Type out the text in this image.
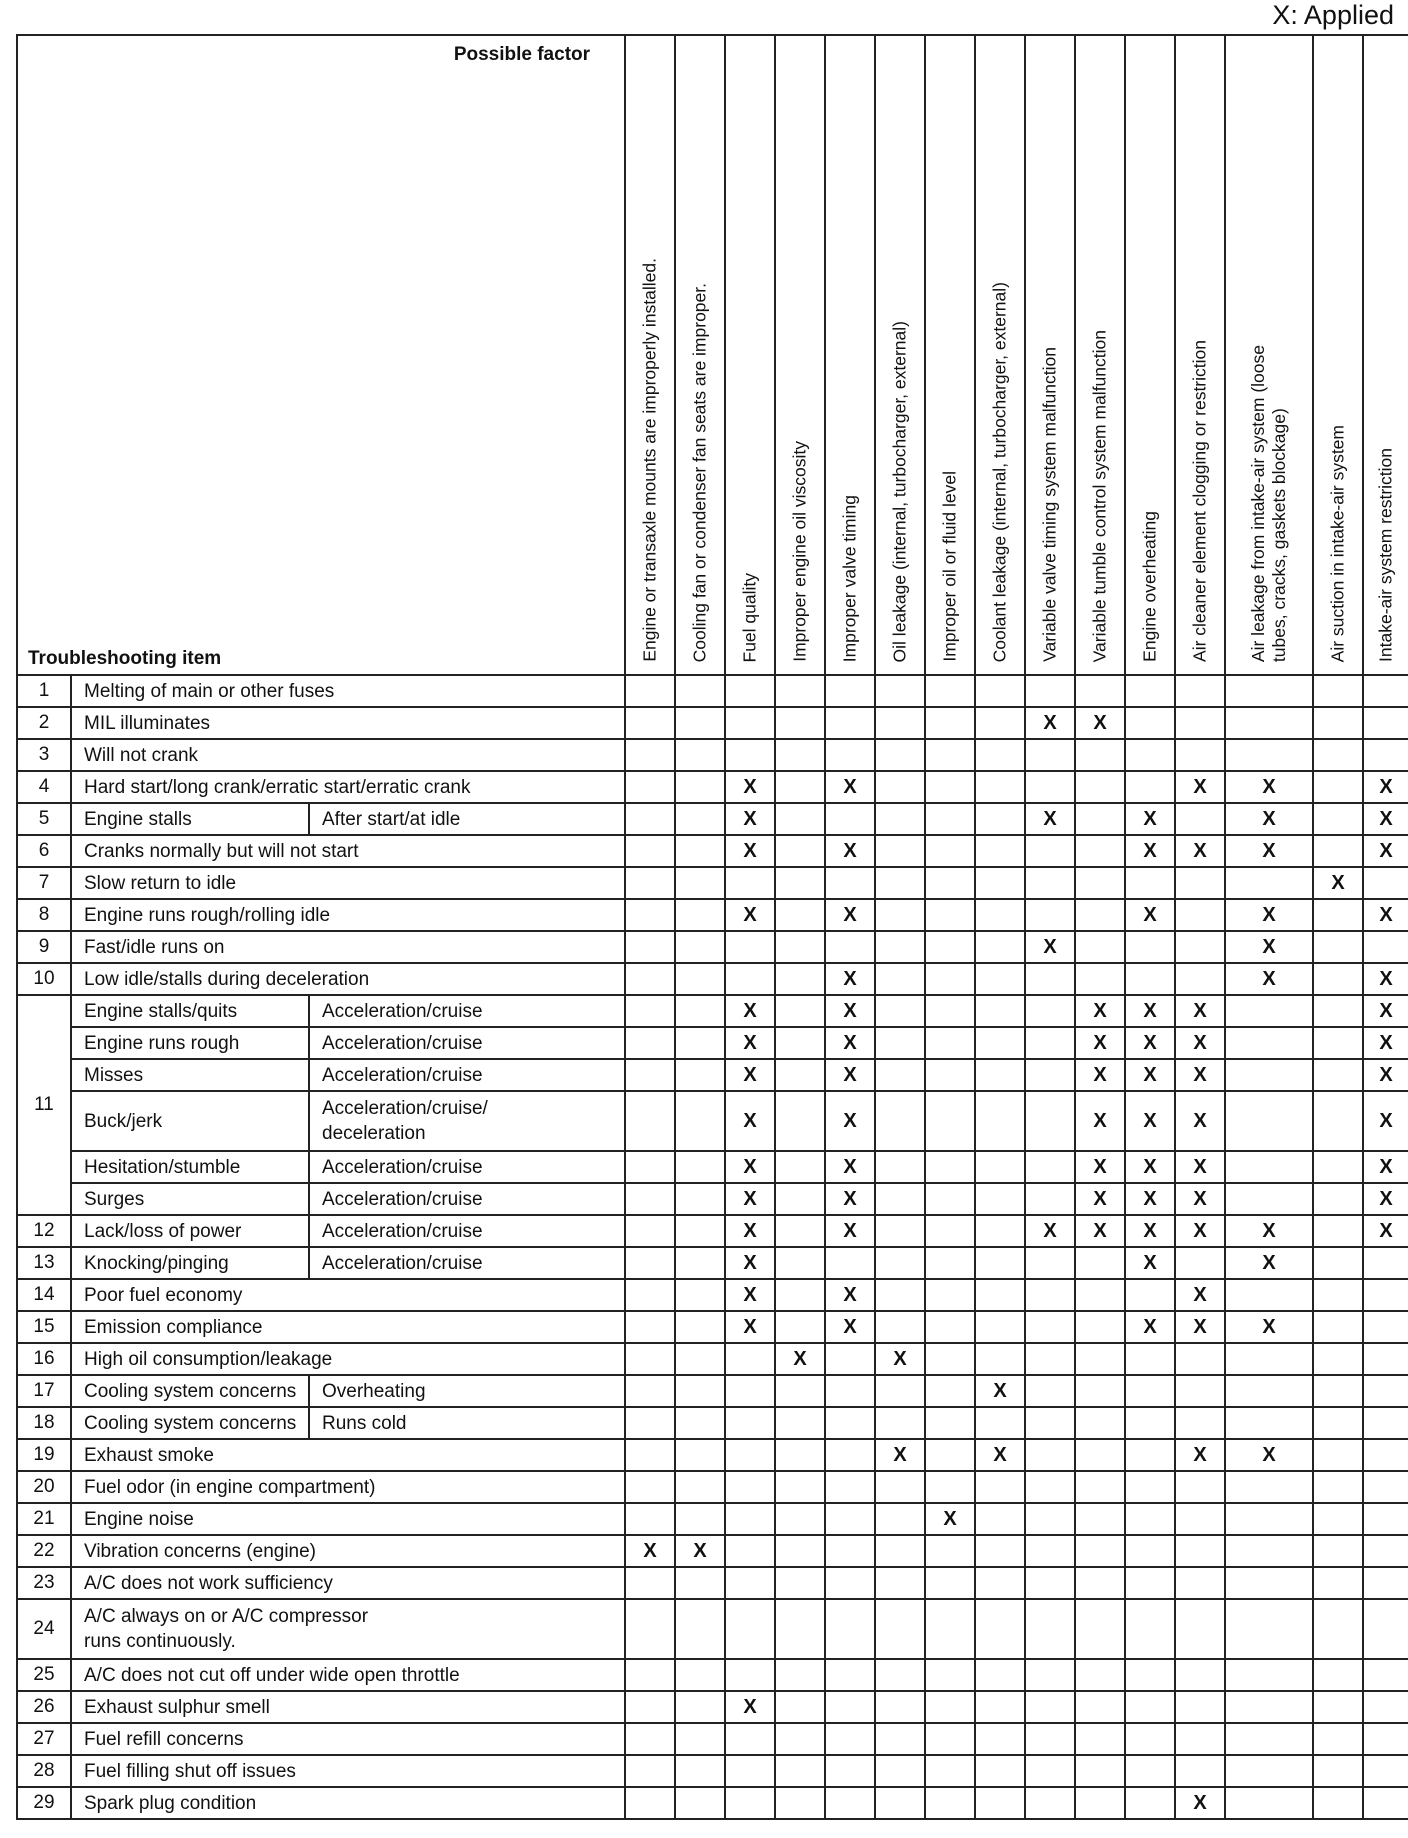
X: Applied
Possible factor
Troubleshooting item			Engine or transaxle mounts are improperly installed.	Cooling fan or condenser fan seats are improper.	Fuel quality	Improper engine oil viscosity	Improper valve timing	Oil leakage (internal, turbocharger, external)	Improper oil or fluid level	Coolant leakage (internal, turbocharger, external)	Variable valve timing system malfunction	Variable tumble control system malfunction	Engine overheating	Air cleaner element clogging or restriction	Air leakage from intake-air system (loose
tubes, cracks, gaskets blockage)	Air suction in intake-air system	Intake-air system restriction

1	Melting of main or other fuses																
2	MIL illuminates										X	X					
3	Will not crank																
4	Hard start/long crank/erratic start/erratic crank				X		X							X	X		X
5	Engine stalls	After start/at idle			X						X		X		X		X
6	Cranks normally but will not start				X		X						X	X	X		X
7	Slow return to idle															X	
8	Engine runs rough/rolling idle				X		X						X		X		X
9	Fast/idle runs on										X				X		
10	Low idle/stalls during deceleration						X								X		X
11	Engine stalls/quits	Acceleration/cruise			X		X					X	X	X			X
	Engine runs rough	Acceleration/cruise			X		X					X	X	X			X
	Misses	Acceleration/cruise			X		X					X	X	X			X
	Buck/jerk	Acceleration/cruise/
deceleration			X		X					X	X	X			X
	Hesitation/stumble	Acceleration/cruise			X		X					X	X	X			X
	Surges	Acceleration/cruise			X		X					X	X	X			X
12	Lack/loss of power	Acceleration/cruise			X		X				X	X	X	X	X		X
13	Knocking/pinging	Acceleration/cruise			X								X		X		
14	Poor fuel economy				X		X							X			
15	Emission compliance				X		X						X	X	X		
16	High oil consumption/leakage					X		X									
17	Cooling system concerns	Overheating								X							
18	Cooling system concerns	Runs cold															
19	Exhaust smoke							X		X				X	X		
20	Fuel odor (in engine compartment)																
21	Engine noise								X								
22	Vibration concerns (engine)		X	X													
23	A/C does not work sufficiency																
24	A/C always on or A/C compressor
runs continuously.																
25	A/C does not cut off under wide open throttle																
26	Exhaust sulphur smell				X												
27	Fuel refill concerns																
28	Fuel filling shut off issues																
29	Spark plug condition													X			
